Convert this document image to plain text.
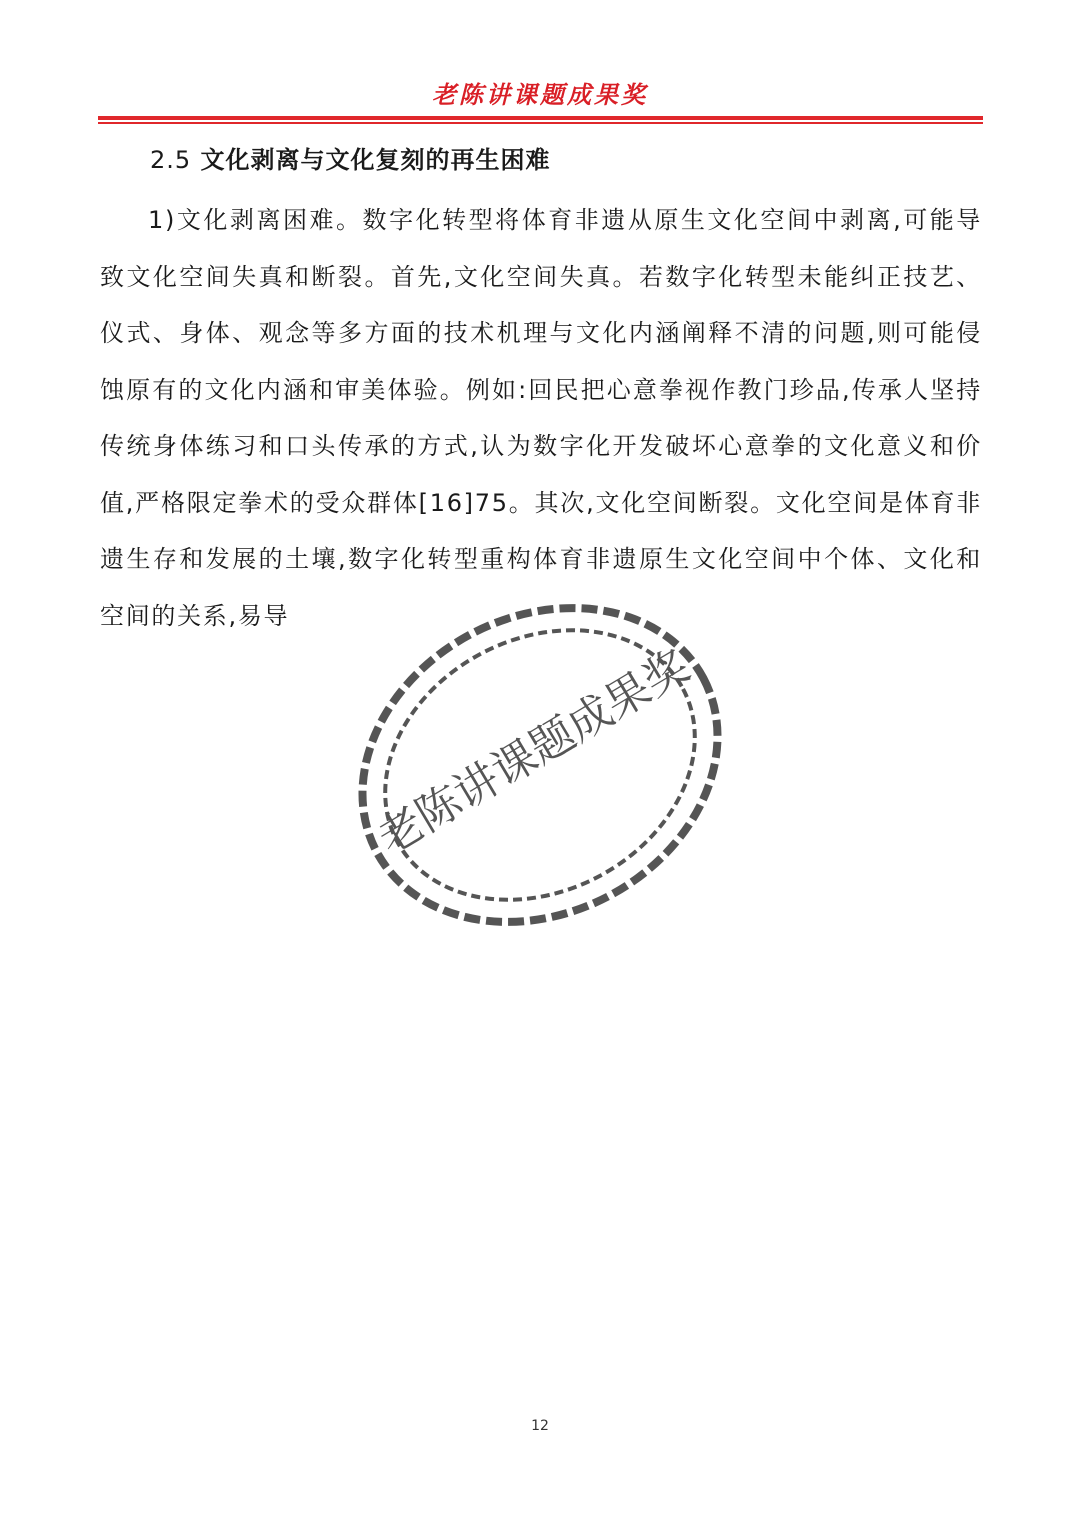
老陈讲课题成果奖
2.5 文化剥离与文化复刻的再生困难

1)文化剥离困难。数字化转型将体育非遗从原生文化空间中剥离,可能导致文化空间失真和断裂。首先,文化空间失真。若数字化转型未能纠正技艺、仪式、身体、观念等多方面的技术机理与文化内涵阐释不清的问题,则可能侵蚀原有的文化内涵和审美体验。例如:回民把心意拳视作教门珍品,传承人坚持传统身体练习和口头传承的方式,认为数字化开发破坏心意拳的文化意义和价值,严格限定拳术的受众群体[16]75。其次,文化空间断裂。文化空间是体育非遗生存和发展的土壤,数字化转型重构体育非遗原生文化空间中个体、文化和空间的关系,易导

老陈讲课题成果奖
12
